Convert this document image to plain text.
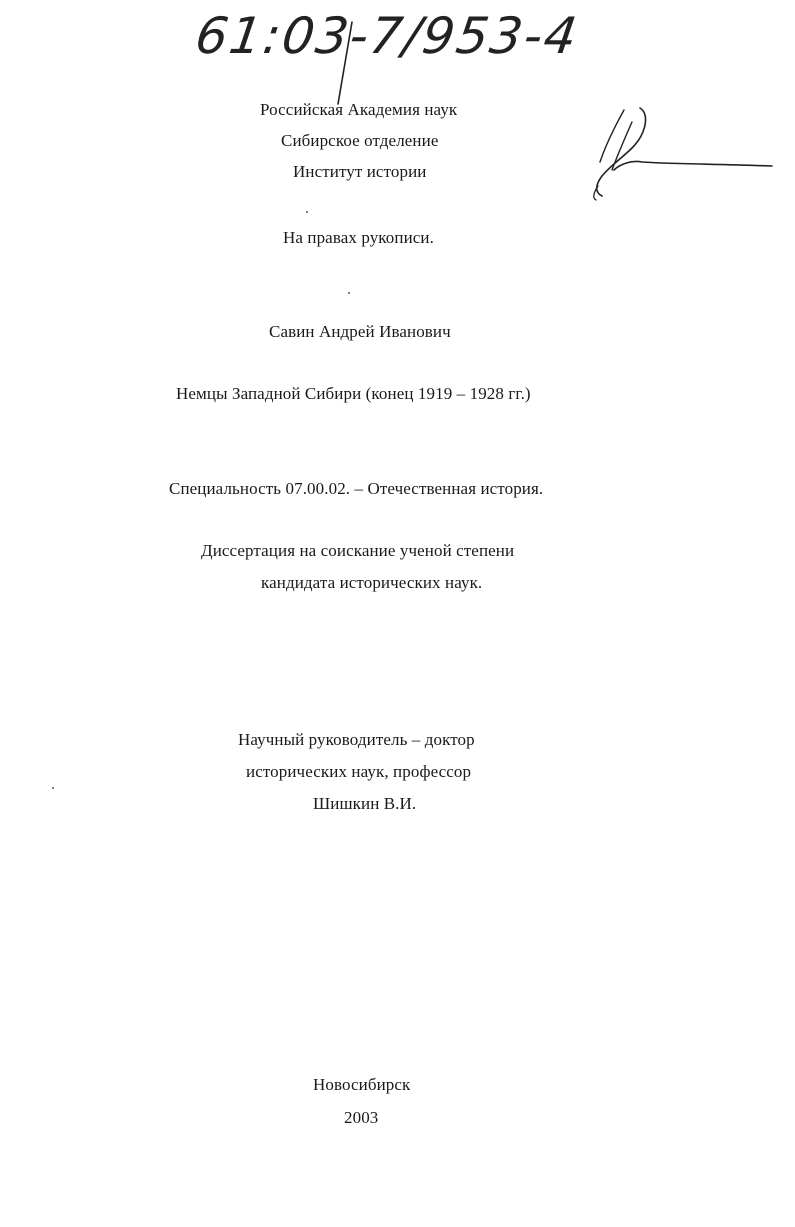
61:03-7/953-4
Российская Академия наук
Сибирское отделение
Институт истории
На правах рукописи.
Савин Андрей Иванович
Немцы Западной Сибири (конец 1919 – 1928 гг.)
Специальность 07.00.02. – Отечественная история.
Диссертация на соискание ученой степени
кандидата исторических наук.
Научный руководитель – доктор
исторических наук, профессор
Шишкин В.И.
Новосибирск
2003
